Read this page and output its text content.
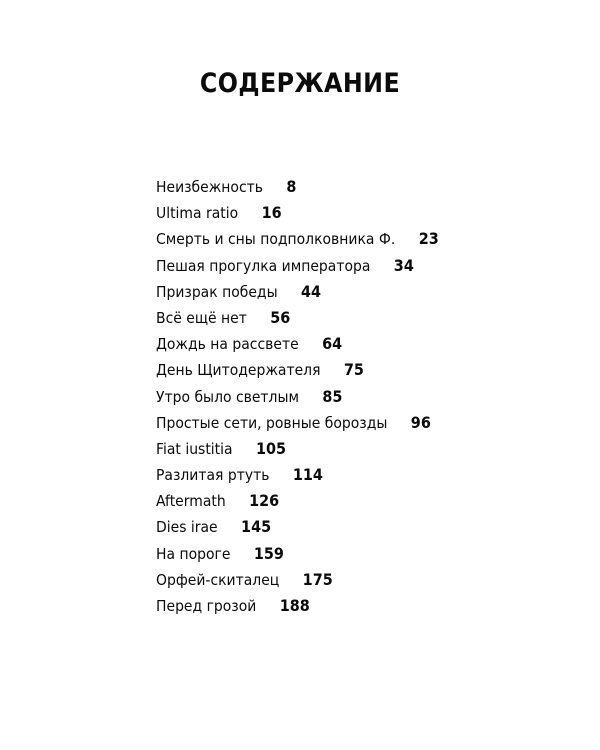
СОДЕРЖАНИЕ
Неизбежность 8
Ultima ratio 16
Смерть и сны подполковника Ф. 23
Пешая прогулка императора 34
Призрак победы 44
Всё ещё нет 56
Дождь на рассвете 64
День Щитодержателя 75
Утро было светлым 85
Простые сети, ровные борозды 96
Fiat iustitia 105
Разлитая ртуть 114
Aftermath 126
Dies irae 145
На пороге 159
Орфей-скиталец 175
Перед грозой 188
